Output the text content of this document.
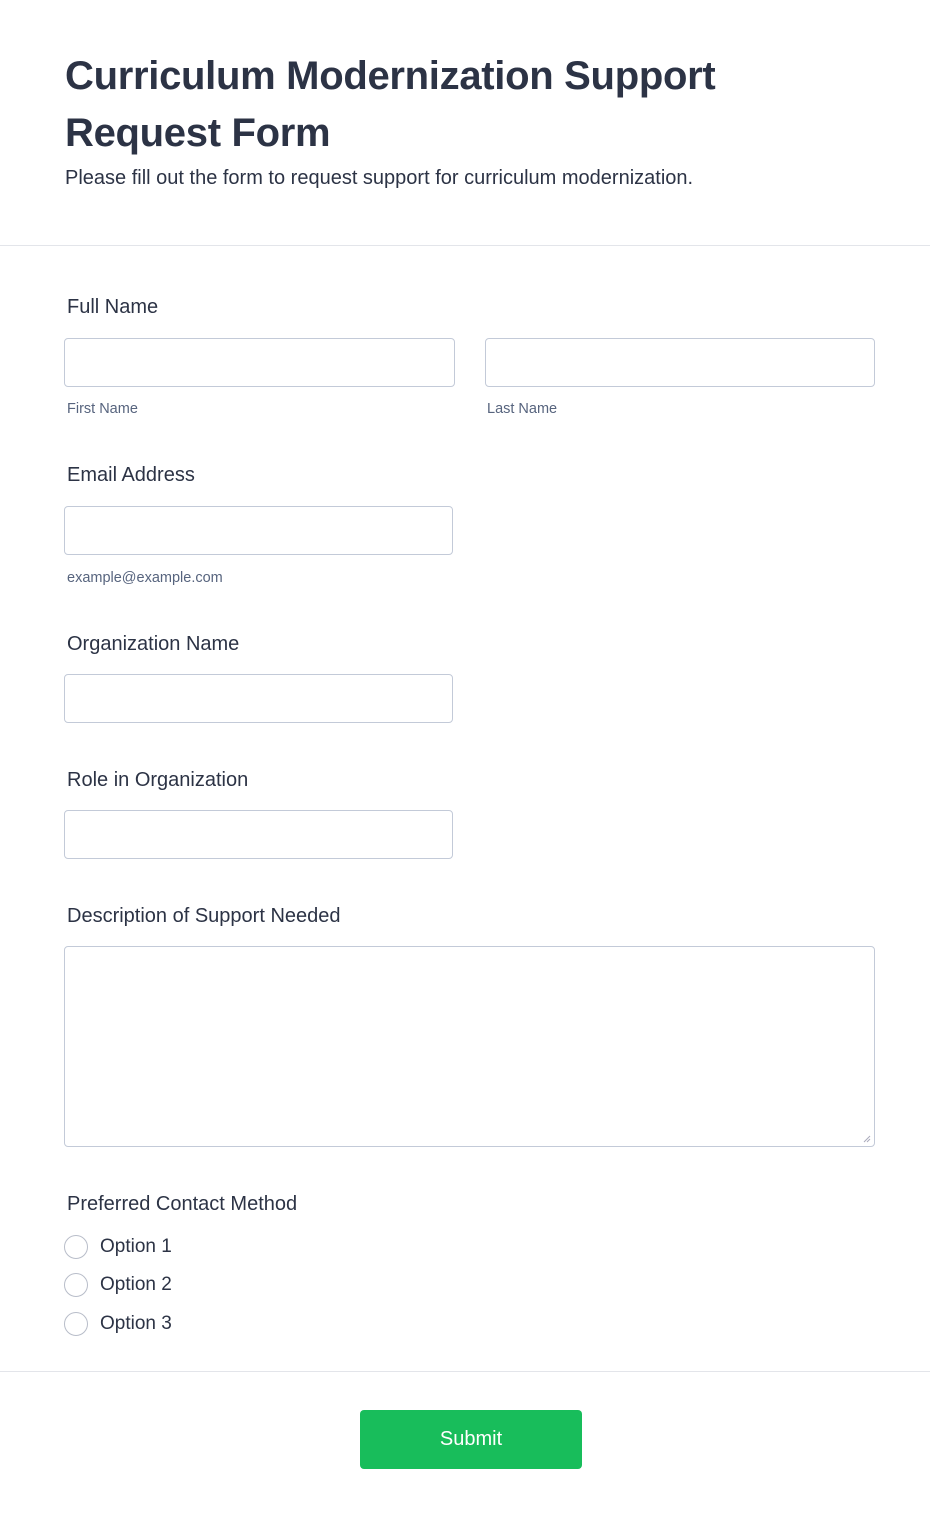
Curriculum Modernization Support Request Form
Please fill out the form to request support for curriculum modernization.
Full Name
First Name	Last Name
Email Address
example@example.com
Organization Name
Role in Organization
Description of Support Needed
Preferred Contact Method
Option 1
Option 2
Option 3
Submit
